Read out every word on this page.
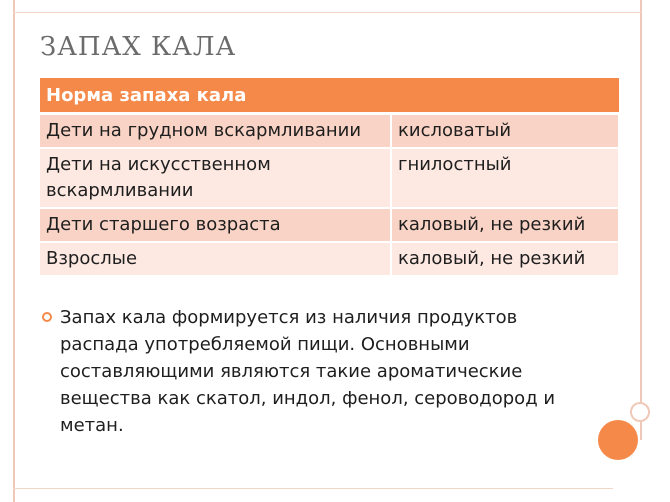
ЗАПАХ КАЛА
Норма запаха кала	
Дети на грудном вскармливании	кисловатый
Дети на искусственном вскармливании	гнилостный
Дети старшего возраста	каловый, не резкий
Взрослые	каловый, не резкий
Запах кала формируется из наличия продуктов распада употребляемой пищи. Основными составляющими являются такие ароматические вещества как скатол, индол, фенол, сероводород и метан.
